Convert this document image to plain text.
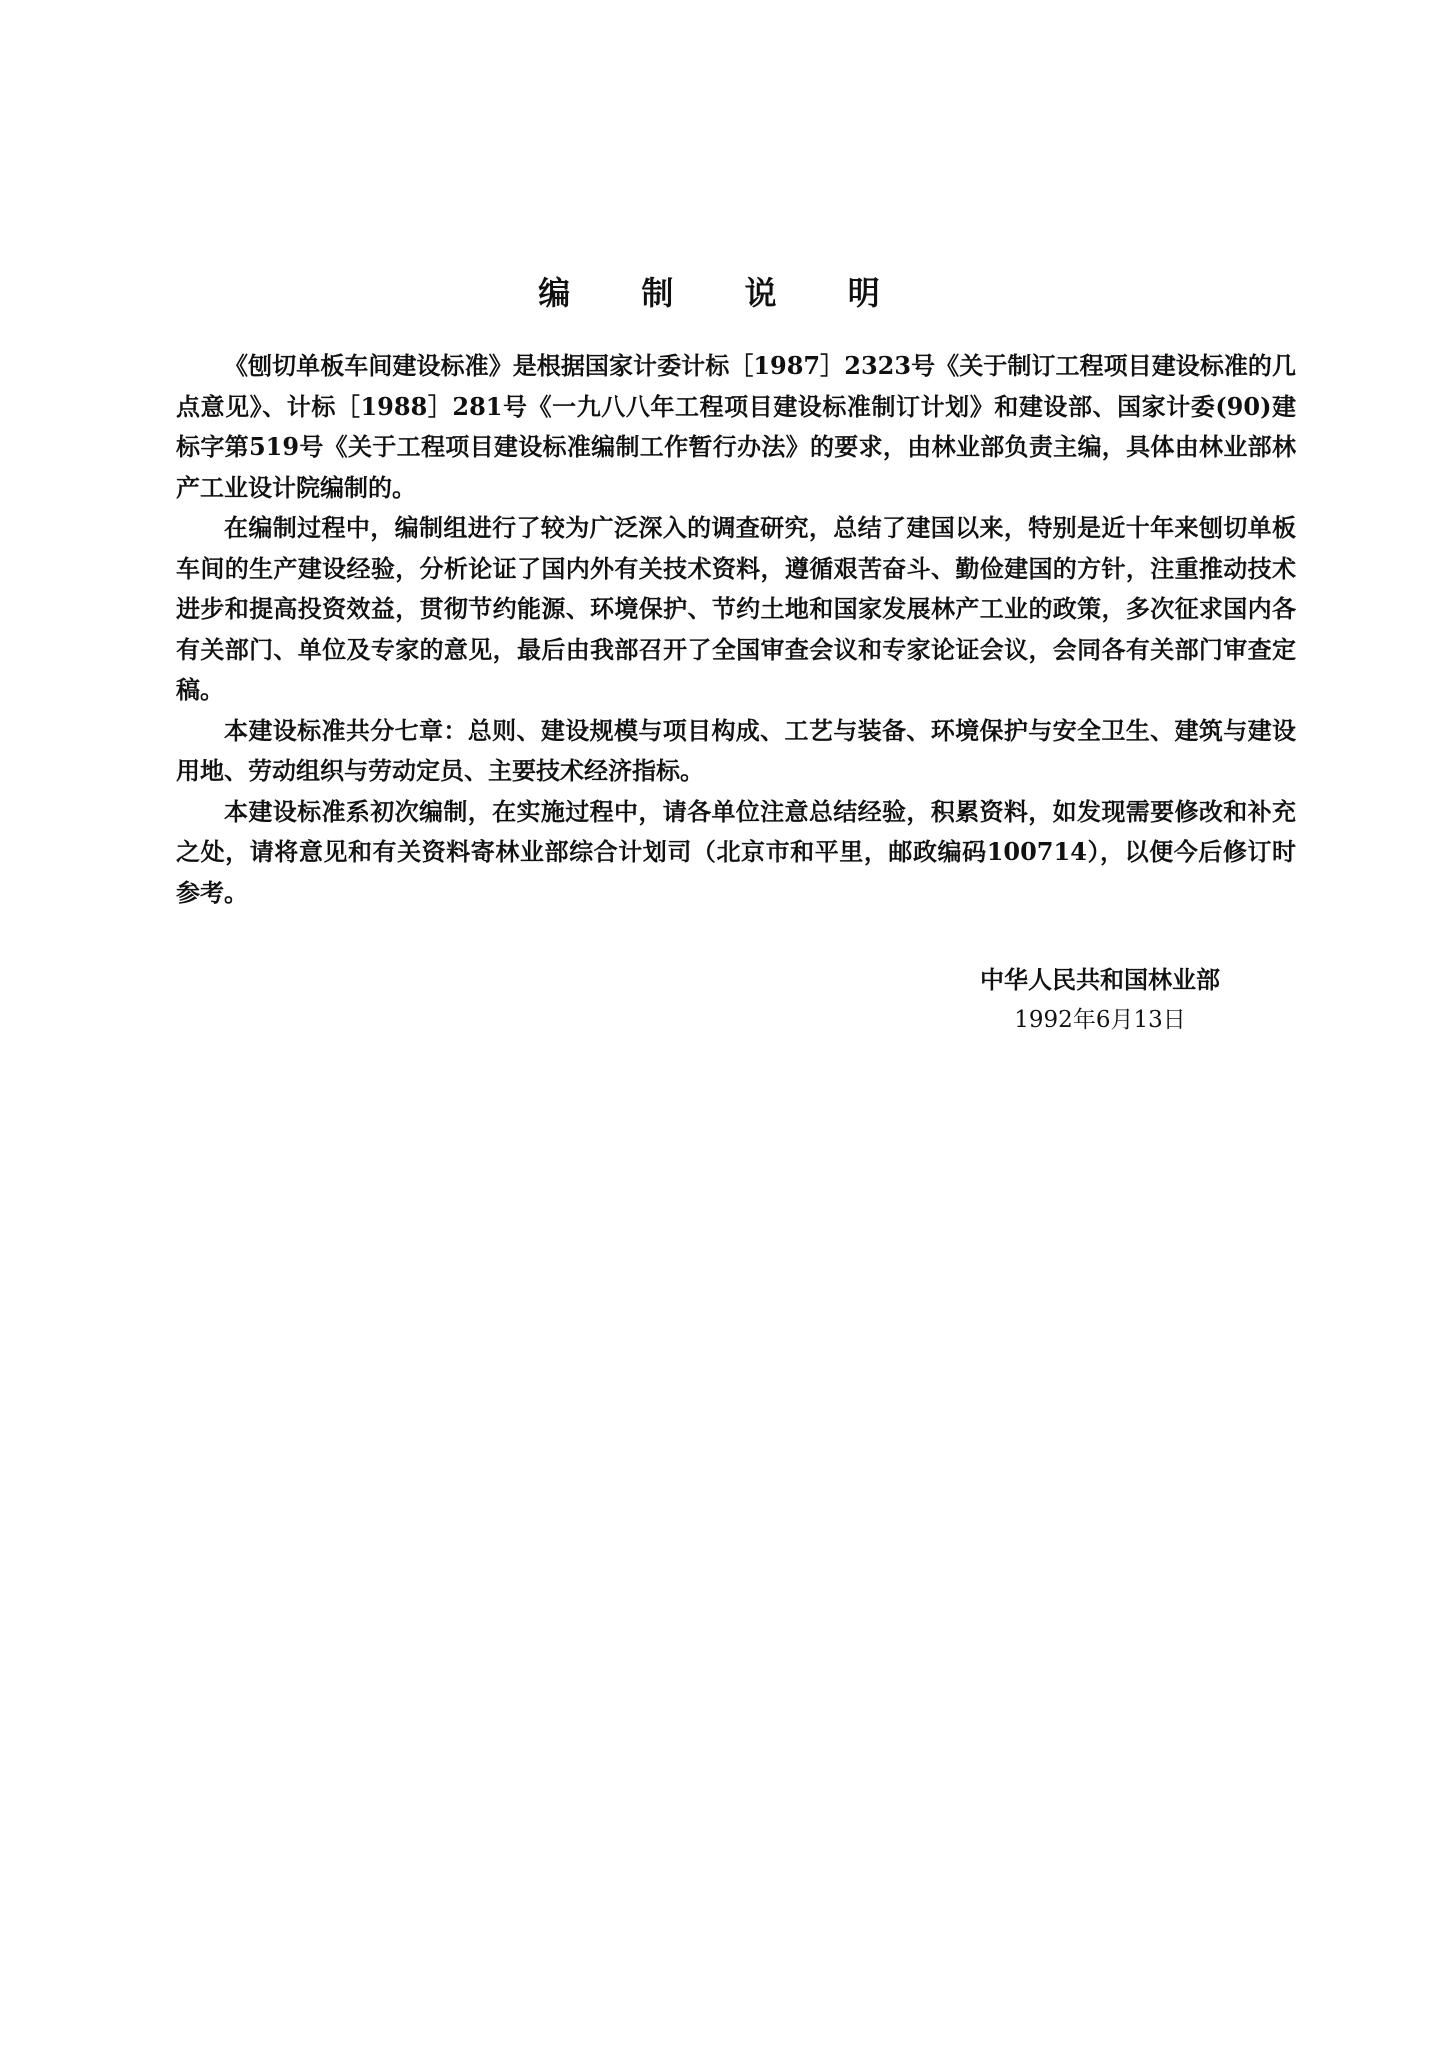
编 制 说 明

《刨切单板车间建设标准》是根据国家计委计标［1987］2323号《关于制订工程项目建设标准的几点意见》、计标［1988］281号《一九八八年工程项目建设标准制订计划》和建设部、国家计委(90)建标字第519号《关于工程项目建设标准编制工作暂行办法》的要求，由林业部负责主编，具体由林业部林产工业设计院编制的。

在编制过程中，编制组进行了较为广泛深入的调查研究，总结了建国以来，特别是近十年来刨切单板车间的生产建设经验，分析论证了国内外有关技术资料，遵循艰苦奋斗、勤俭建国的方针，注重推动技术进步和提高投资效益，贯彻节约能源、环境保护、节约土地和国家发展林产工业的政策，多次征求国内各有关部门、单位及专家的意见，最后由我部召开了全国审查会议和专家论证会议，会同各有关部门审查定稿。

本建设标准共分七章：总则、建设规模与项目构成、工艺与装备、环境保护与安全卫生、建筑与建设用地、劳动组织与劳动定员、主要技术经济指标。

本建设标准系初次编制，在实施过程中，请各单位注意总结经验，积累资料，如发现需要修改和补充之处，请将意见和有关资料寄林业部综合计划司（北京市和平里，邮政编码100714），以便今后修订时参考。

中华人民共和国林业部
1992年6月13日
